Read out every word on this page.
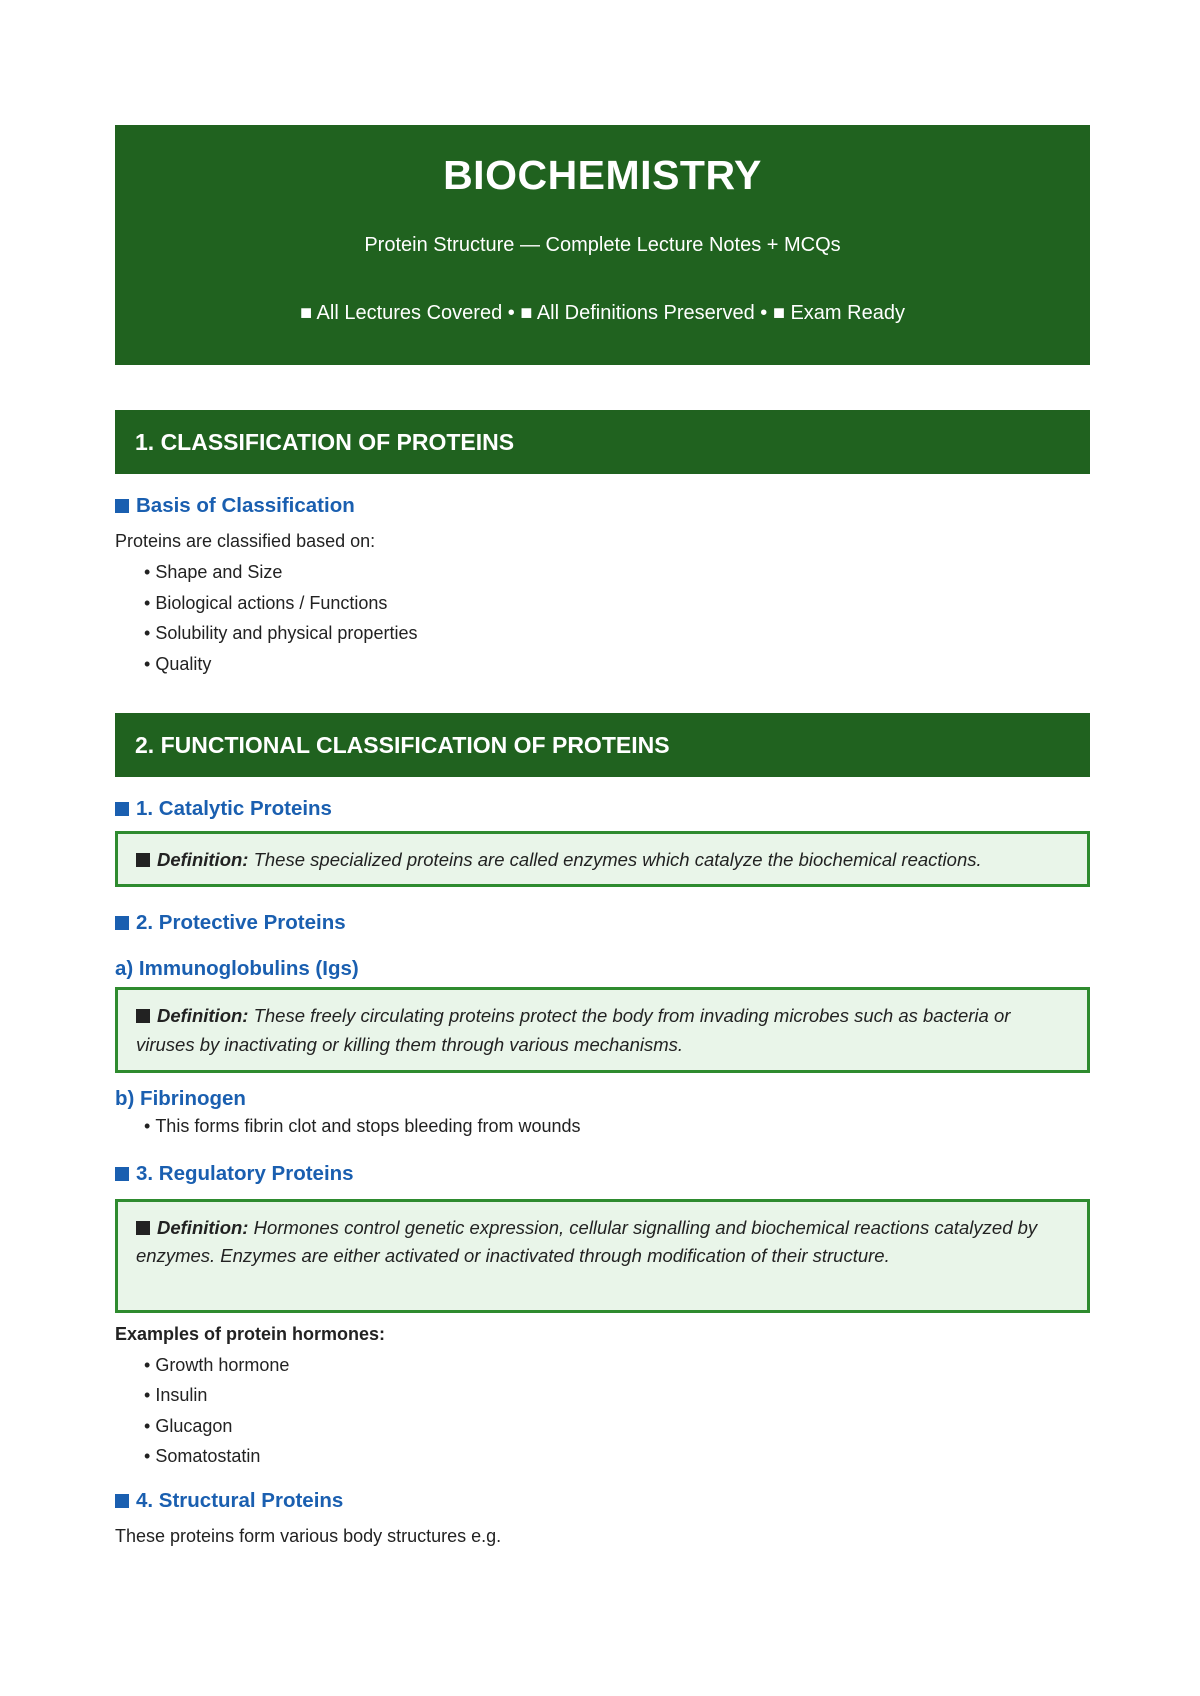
BIOCHEMISTRY
Protein Structure — Complete Lecture Notes + MCQs
■ All Lectures Covered • ■ All Definitions Preserved • ■ Exam Ready
1. CLASSIFICATION OF PROTEINS
Basis of Classification
Proteins are classified based on:
• Shape and Size
• Biological actions / Functions
• Solubility and physical properties
• Quality
2. FUNCTIONAL CLASSIFICATION OF PROTEINS
1. Catalytic Proteins
Definition: These specialized proteins are called enzymes which catalyze the biochemical reactions.
2. Protective Proteins
a) Immunoglobulins (Igs)
Definition: These freely circulating proteins protect the body from invading microbes such as bacteria or viruses by inactivating or killing them through various mechanisms.
b) Fibrinogen
• This forms fibrin clot and stops bleeding from wounds
3. Regulatory Proteins
Definition: Hormones control genetic expression, cellular signalling and biochemical reactions catalyzed by enzymes. Enzymes are either activated or inactivated through modification of their structure.
Examples of protein hormones:
• Growth hormone
• Insulin
• Glucagon
• Somatostatin
4. Structural Proteins
These proteins form various body structures e.g.
